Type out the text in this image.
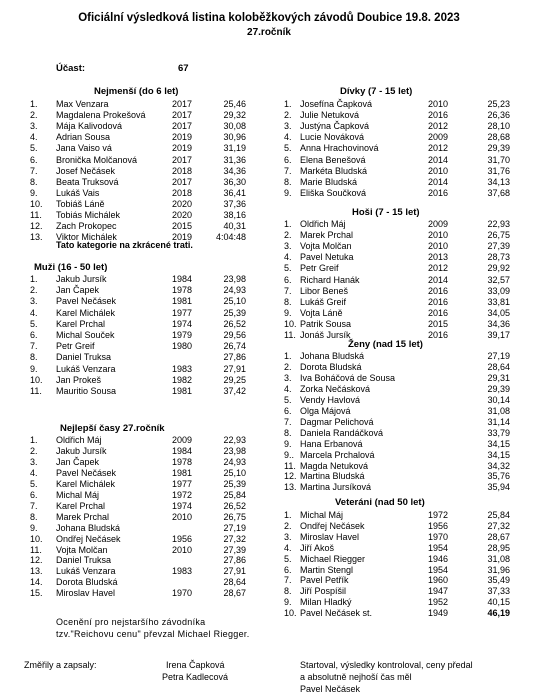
Oficiální výsledková listina koloběžkových závodů Doubice 19.8. 2023
27.ročník
Účast:	67
Nejmenší (do 6 let)
1. Max Venzara	2017	25,46
2. Magdalena Prokešová	2017	29,32
3. Mája Kalivodová	2017	30,08
4. Adrian Sousa	2019	30,96
5. Jana Vaiso vá	2019	31,19
6. Bronička Molčanová	2017	31,36
7. Josef Nečásek	2018	34,36
8. Beata Truksová	2017	36,30
9. Lukáš Vais	2018	36,41
10. Tobiáš Láně	2020	37,36
11. Tobiás Michálek	2020	38,16
12. Zach Prokopec	2015	40,31
13. Viktor Michálek	2019	4:04:48
Tato kategorie na zkrácené trati.
Muži (16 - 50 let)
1. Jakub Jursík	1984	23,98
2. Jan Čapek	1978	24,93
3. Pavel Nečásek	1981	25,10
4. Karel Michálek	1977	25,39
5. Karel Prchal	1974	26,52
6. Michal Souček	1979	29,56
7. Petr Greif	1980	26,74
8. Daniel Truksa	27,86
9. Lukáš Venzara	1983	27,91
10. Jan Prokeš	1982	29,25
11. Mauritio Sousa	1981	37,42
Nejlepší časy 27.ročník
1. Oldřich Máj	2009	22,93
2. Jakub Jursík	1984	23,98
3. Jan Čapek	1978	24,93
4. Pavel Nečásek	1981	25,10
5. Karel Michálek	1977	25,39
6. Michal Máj	1972	25,84
7. Karel Prchal	1974	26,52
8. Marek Prchal	2010	26,75
9. Johana Bludská	27,19
10. Ondřej Nečásek	1956	27,32
11. Vojta Molčan	2010	27,39
12. Daniel Truksa	27,86
13. Lukáš Venzara	1983	27,91
14. Dorota Bludská	28,64
15. Miroslav Havel	1970	28,67
Dívky (7 - 15 let)
1. Josefína Čapková	2010	25,23
2. Julie Netuková	2016	26,36
3. Justýna Čapková	2012	28,10
4. Lucie Nováková	2009	28,68
5. Anna Hrachovinová	2012	29,39
6. Elena Benešová	2014	31,70
7. Markéta Bludská	2010	31,76
8. Marie Bludská	2014	34,13
9. Eliška Součková	2016	37,68
Hoši (7 - 15 let)
1. Oldřich Máj	2009	22,93
2. Marek Prchal	2010	26,75
3. Vojta Molčan	2010	27,39
4. Pavel Netuka	2013	28,73
5. Petr Greif	2012	29,92
6. Richard Hanák	2014	32,57
7. Libor Beneš	2016	33,09
8. Lukáš Greif	2016	33,81
9. Vojta Láně	2016	34,05
10. Patrik Sousa	2015	34,36
11. Jonáš Jursík	2016	39,17
Ženy (nad 15 let)
1. Johana Bludská	27,19
2. Dorota Bludská	28,64
3. Iva Boháčová de Sousa	29,31
4. Zorka Nečásková	29,39
5. Vendy Havlová	30,14
6. Olga Májová	31,08
7. Dagmar Pelichová	31,14
8. Daniela Randáčková	33,79
9. Hana Erbanová	34,15
9.. Marcela Prchalová	34,15
11. Magda Netuková	34,32
12. Martina Bludská	35,76
13. Martina Jursíková	35,94
Veteráni (nad 50 let)
1. Michal Máj	1972	25,84
2. Ondřej Nečásek	1956	27,32
3. Miroslav Havel	1970	28,67
4. Jiří Akoš	1954	28,95
5. Michael Riegger	1946	31,08
6. Martin Stengl	1954	31,96
7. Pavel Petřík	1960	35,49
8. Jiří Pospíšil	1947	37,33
9. Milan Hladký	1952	40,15
10. Pavel Nečásek st.	1949	46,19
Ocenění pro nejstaršího závodníka
tzv."Reichovu cenu" převzal Michael Riegger.
Změřily a zapsaly:	Irena Čapková
Petra Kadlecová
Startoval, výsledky kontroloval, ceny předal
a absolutně nejhoší čas měl
Pavel Nečásek
